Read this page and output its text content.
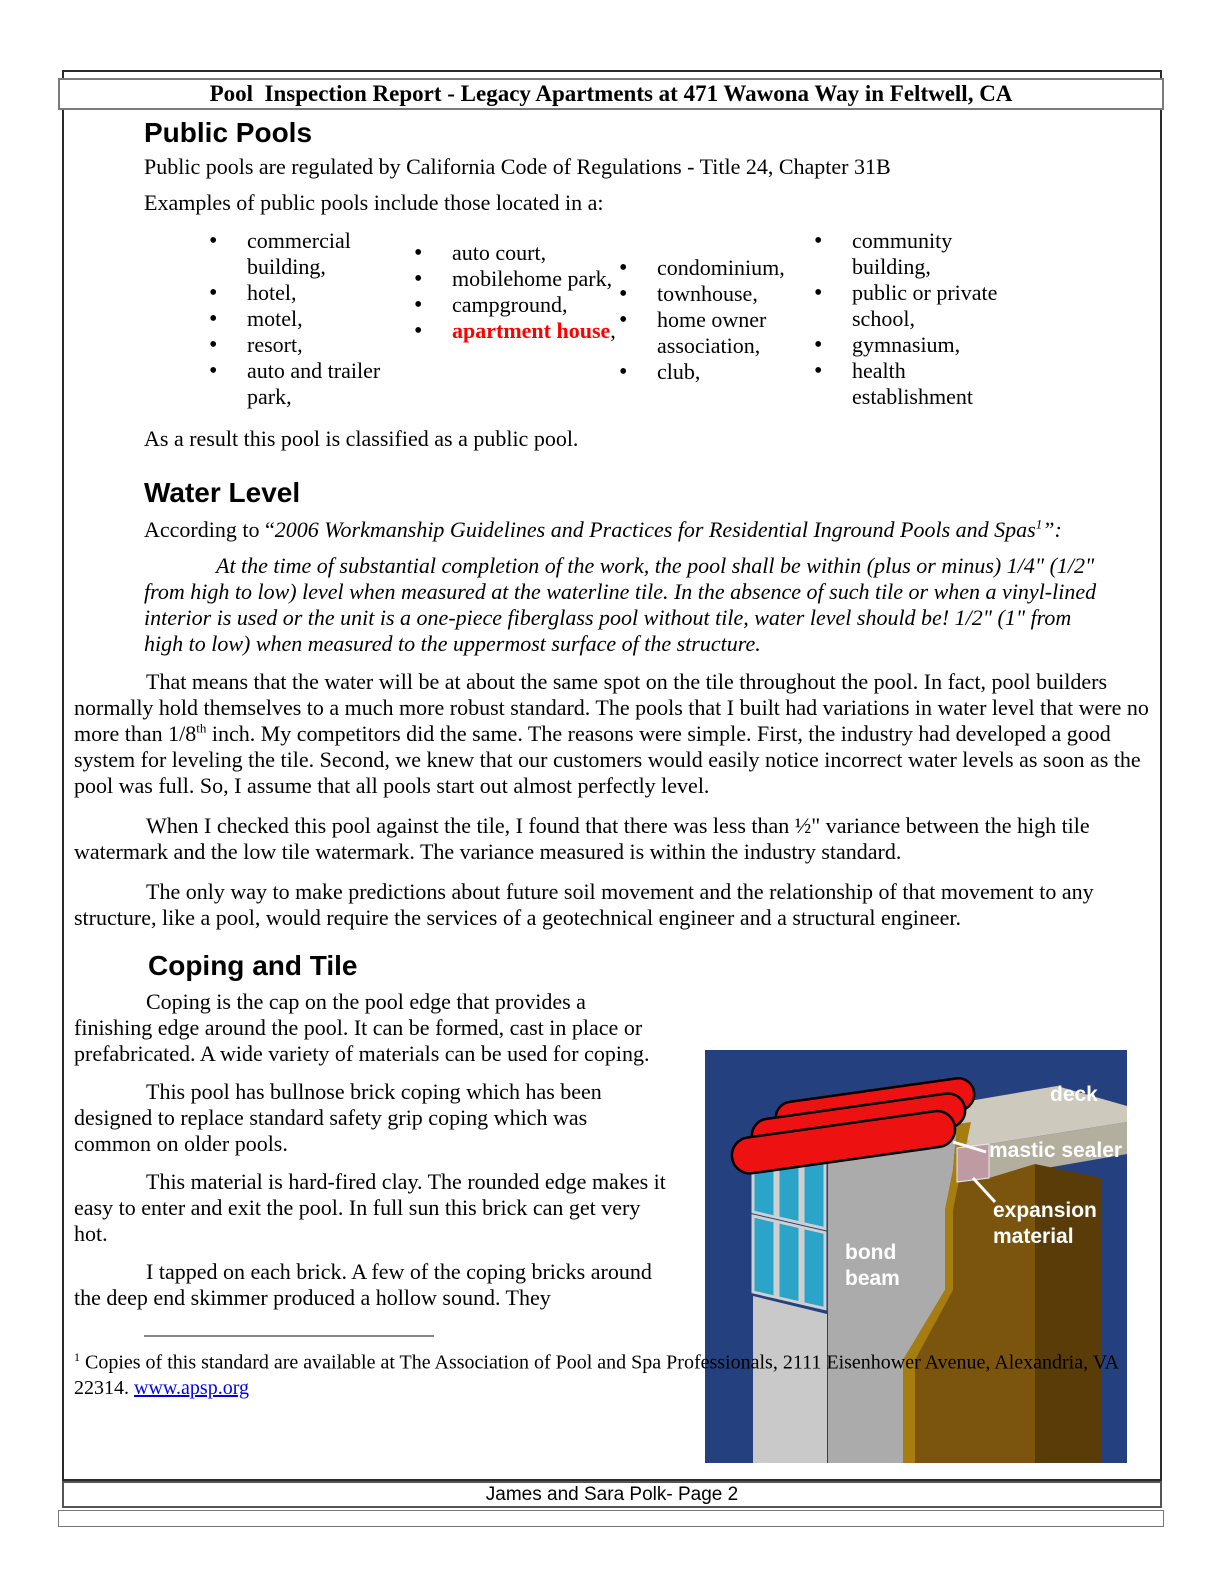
Pool  Inspection Report - Legacy Apartments at 471 Wawona Way in Feltwell, CA
Public Pools

Public pools are regulated by California Code of Regulations - Title 24, Chapter 31B

Examples of public pools include those located in a:

•
commercial building,
•
hotel,
•
motel,
•
resort,
•
auto and trailer park,
•
auto court,
•
mobilehome park,
•
campground,
•
apartment house,
•
condominium,
•
townhouse,
•
home owner association,
•
club,
•
community building,
•
public or private school,
•
gymnasium,
•
health establishment

As a result this pool is classified as a public pool.

Water Level

According to “2006 Workmanship Guidelines and Practices for Residential Inground Pools and Spas$^1$”:

At the time of substantial completion of the work, the pool shall be within (plus or minus) 1/4" (1/2" from high to low) level when measured at the waterline tile. In the absence of such tile or when a vinyl-lined interior is used or the unit is a one-piece fiberglass pool without tile, water level should be! 1/2" (1" from high to low) when measured to the uppermost surface of the structure.

That means that the water will be at about the same spot on the tile throughout the pool. In fact, pool builders normally hold themselves to a much more robust standard. The pools that I built had variations in water level that were no more than 1/8th inch. My competitors did the same. The reasons were simple. First, the industry had developed a good system for leveling the tile. Second, we knew that our customers would easily notice incorrect water levels as soon as the pool was full. So, I assume that all pools start out almost perfectly level.

When I checked this pool against the tile, I found that there was less than ½" variance between the high tile watermark and the low tile watermark. The variance measured is within the industry standard.

The only way to make predictions about future soil movement and the relationship of that movement to any structure, like a pool, would require the services of a geotechnical engineer and a structural engineer.

Coping and Tile

Coping is the cap on the pool edge that provides a finishing edge around the pool. It can be formed, cast in place or prefabricated. A wide variety of materials can be used for coping.

This pool has bullnose brick coping which has been designed to replace standard safety grip coping which was common on older pools.

This material is hard-fired clay. The rounded edge makes it easy to enter and exit the pool. In full sun this brick can get very hot.

I tapped on each brick. A few of the coping bricks around the deep end skimmer produced a hollow sound. They

deck
mastic sealer
expansion material
bond beam
$^1$ Copies of this standard are available at The Association of Pool and Spa Professionals, 2111 Eisenhower Avenue, Alexandria, VA 22314. www.apsp.org
James and Sara Polk- Page 2
